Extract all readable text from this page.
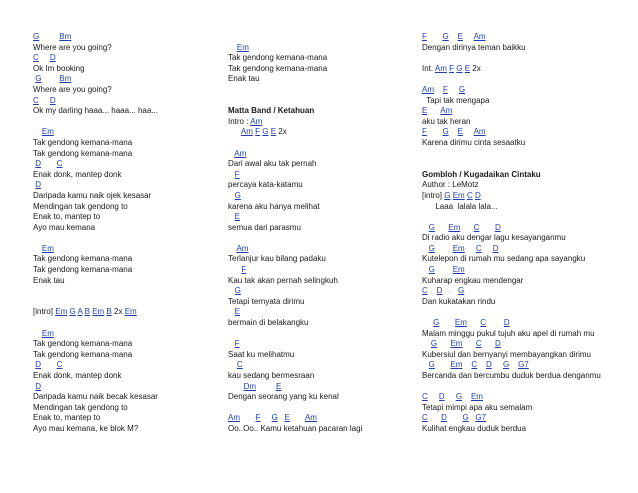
G	Bm
Where are you going?
C D
Ok Im booking
G Bm
Where are you going?
C D
Ok my darling haaa... haaa... haa...
Em
Tak gendong kemana-mana
Tak gendong kemana-mana
D C
Enak donk, mantep donk
D
Daripada kamu naik ojek kesasar
Mendingan tak gendong to
Enak to, mantep to
Ayo mau kemana
Em
Tak gendong kemana-mana
Tak gendong kemana-mana
Enak tau
[intro] Em G A B Em B 2x Em
Em
Tak gendong kemana-mana
Tak gendong kemana-mana
D C
Enak donk, mantep donk
D
Daripada kamu naik becak kesasar
Mendingan tak gendong to
Enak to, mantep to
Ayo mau kemana, ke blok M?
Em
Tak gendong kemana-mana
Tak gendong kemana-mana
Enak tau
Matta Band / Ketahuan
Intro : Am
Am F G E 2x
Am
Dari awal aku tak pernah
F
percaya kata-katamu
G
karena aku hanya melihat
E
semua dari parasmu
Am
Terlanjur kau bilang padaku
F
Kau tak akan pernah selingkuh
G
Tetapi ternyata dirimu
E
bermain di belakangku
F
Saat ku melihatmu
C
kau sedang bermesraan
Dm	E
Dengan seorang yang ku kenal
Am F G E Am
Oo..Oo.. Kamu ketahuan pacaran lagi
F G E Am
Dengan dirinya teman baikku
Int. Am F G E 2x
Am F G
Tapi tak mengapa
E Am
aku tak heran
F G E Am
Karena dirimu cinta sesaatku
Gombloh / Kugadaikan Cintaku
Author : LeMotz
[intro] G Em C D
Laaa  lalala lala...
G Em C D
Di radio aku dengar lagu kesayanganmu
G Em C D
Kutelepon di rumah mu sedang apa sayangku
G Em
Kuharap engkau mendengar
C D G
Dan kukatakan rindu
G Em C D
Malam minggu pukul tujuh aku apel di rumah mu
G Em C D
Kubersiul dan bernyanyi membayangkan dirimu
G Em C D G G7
Bercanda dan bercumbu duduk berdua denganmu
C D G Em
Tetapi mimpi apa aku semalam
C D G G7
Kulihat engkau duduk berdua
